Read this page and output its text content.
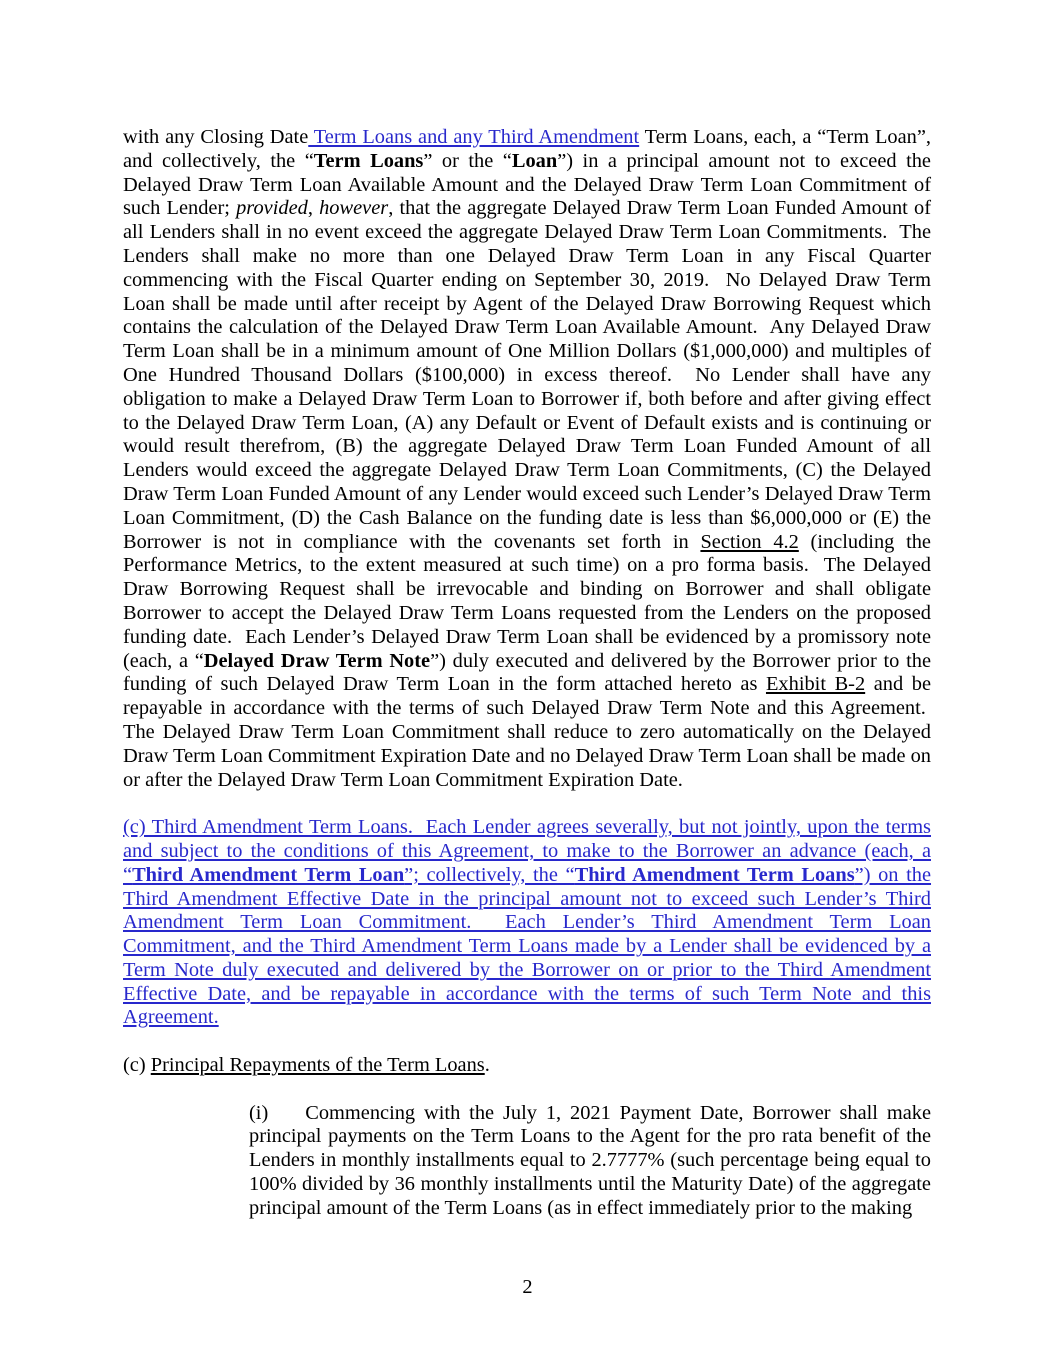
with any Closing Date Term Loans and any Third Amendment Term Loans, each, a “Term Loan”, and collectively, the “Term Loans” or the “Loan”) in a principal amount not to exceed the Delayed Draw Term Loan Available Amount and the Delayed Draw Term Loan Commitment of such Lender; provided, however, that the aggregate Delayed Draw Term Loan Funded Amount of all Lenders shall in no event exceed the aggregate Delayed Draw Term Loan Commitments.  The Lenders shall make no more than one Delayed Draw Term Loan in any Fiscal Quarter commencing with the Fiscal Quarter ending on September 30, 2019.  No Delayed Draw Term Loan shall be made until after receipt by Agent of the Delayed Draw Borrowing Request which contains the calculation of the Delayed Draw Term Loan Available Amount.  Any Delayed Draw Term Loan shall be in a minimum amount of One Million Dollars ($1,000,000) and multiples of One Hundred Thousand Dollars ($100,000) in excess thereof.  No Lender shall have any obligation to make a Delayed Draw Term Loan to Borrower if, both before and after giving effect to the Delayed Draw Term Loan, (A) any Default or Event of Default exists and is continuing or would result therefrom, (B) the aggregate Delayed Draw Term Loan Funded Amount of all Lenders would exceed the aggregate Delayed Draw Term Loan Commitments, (C) the Delayed Draw Term Loan Funded Amount of any Lender would exceed such Lender’s Delayed Draw Term Loan Commitment, (D) the Cash Balance on the funding date is less than $6,000,000 or (E) the Borrower is not in compliance with the covenants set forth in Section 4.2 (including the Performance Metrics, to the extent measured at such time) on a pro forma basis.  The Delayed Draw Borrowing Request shall be irrevocable and binding on Borrower and shall obligate Borrower to accept the Delayed Draw Term Loans requested from the Lenders on the proposed funding date.  Each Lender’s Delayed Draw Term Loan shall be evidenced by a promissory note (each, a “Delayed Draw Term Note”) duly executed and delivered by the Borrower prior to the funding of such Delayed Draw Term Loan in the form attached hereto as Exhibit B-2 and be repayable in accordance with the terms of such Delayed Draw Term Note and this Agreement.  The Delayed Draw Term Loan Commitment shall reduce to zero automatically on the Delayed Draw Term Loan Commitment Expiration Date and no Delayed Draw Term Loan shall be made on or after the Delayed Draw Term Loan Commitment Expiration Date.

(c) Third Amendment Term Loans.  Each Lender agrees severally, but not jointly, upon the terms and subject to the conditions of this Agreement, to make to the Borrower an advance (each, a “Third Amendment Term Loan”; collectively, the “Third Amendment Term Loans”) on the Third Amendment Effective Date in the principal amount not to exceed such Lender’s Third Amendment Term Loan Commitment.  Each Lender’s Third Amendment Term Loan Commitment, and the Third Amendment Term Loans made by a Lender shall be evidenced by a Term Note duly executed and delivered by the Borrower on or prior to the Third Amendment Effective Date, and be repayable in accordance with the terms of such Term Note and this Agreement.

(c) Principal Repayments of the Term Loans.

(i) Commencing with the July 1, 2021 Payment Date, Borrower shall make principal payments on the Term Loans to the Agent for the pro rata benefit of the Lenders in monthly installments equal to 2.7777% (such percentage being equal to 100% divided by 36 monthly installments until the Maturity Date) of the aggregate principal amount of the Term Loans (as in effect immediately prior to the making

2
